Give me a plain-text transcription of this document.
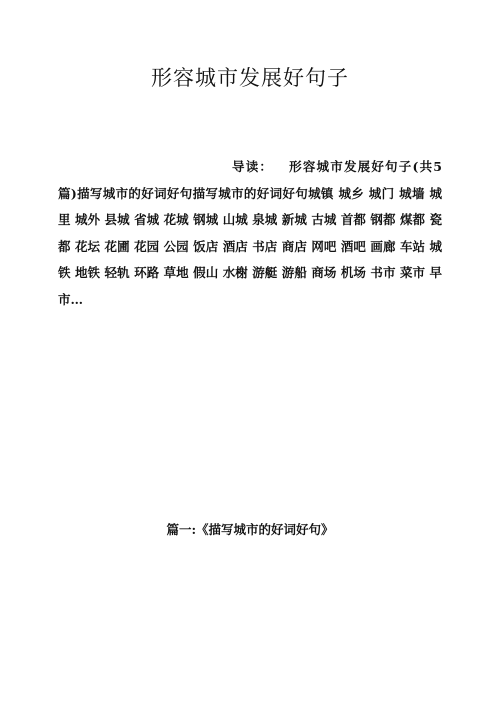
形容城市发展好句子

导读： 形容城市发展好句子(共5篇)描写城市的好词好句描写城市的好词好句城镇 城乡 城门 城墙 城里 城外 县城 省城 花城 钢城 山城 泉城 新城 古城 首都 钢都 煤都 瓷都 花坛 花圃 花园 公园 饭店 酒店 书店 商店 网吧 酒吧 画廊 车站 城铁 地铁 轻轨 环路 草地 假山 水榭 游艇 游船 商场 机场 书市 菜市 早市…

篇一:《描写城市的好词好句》
